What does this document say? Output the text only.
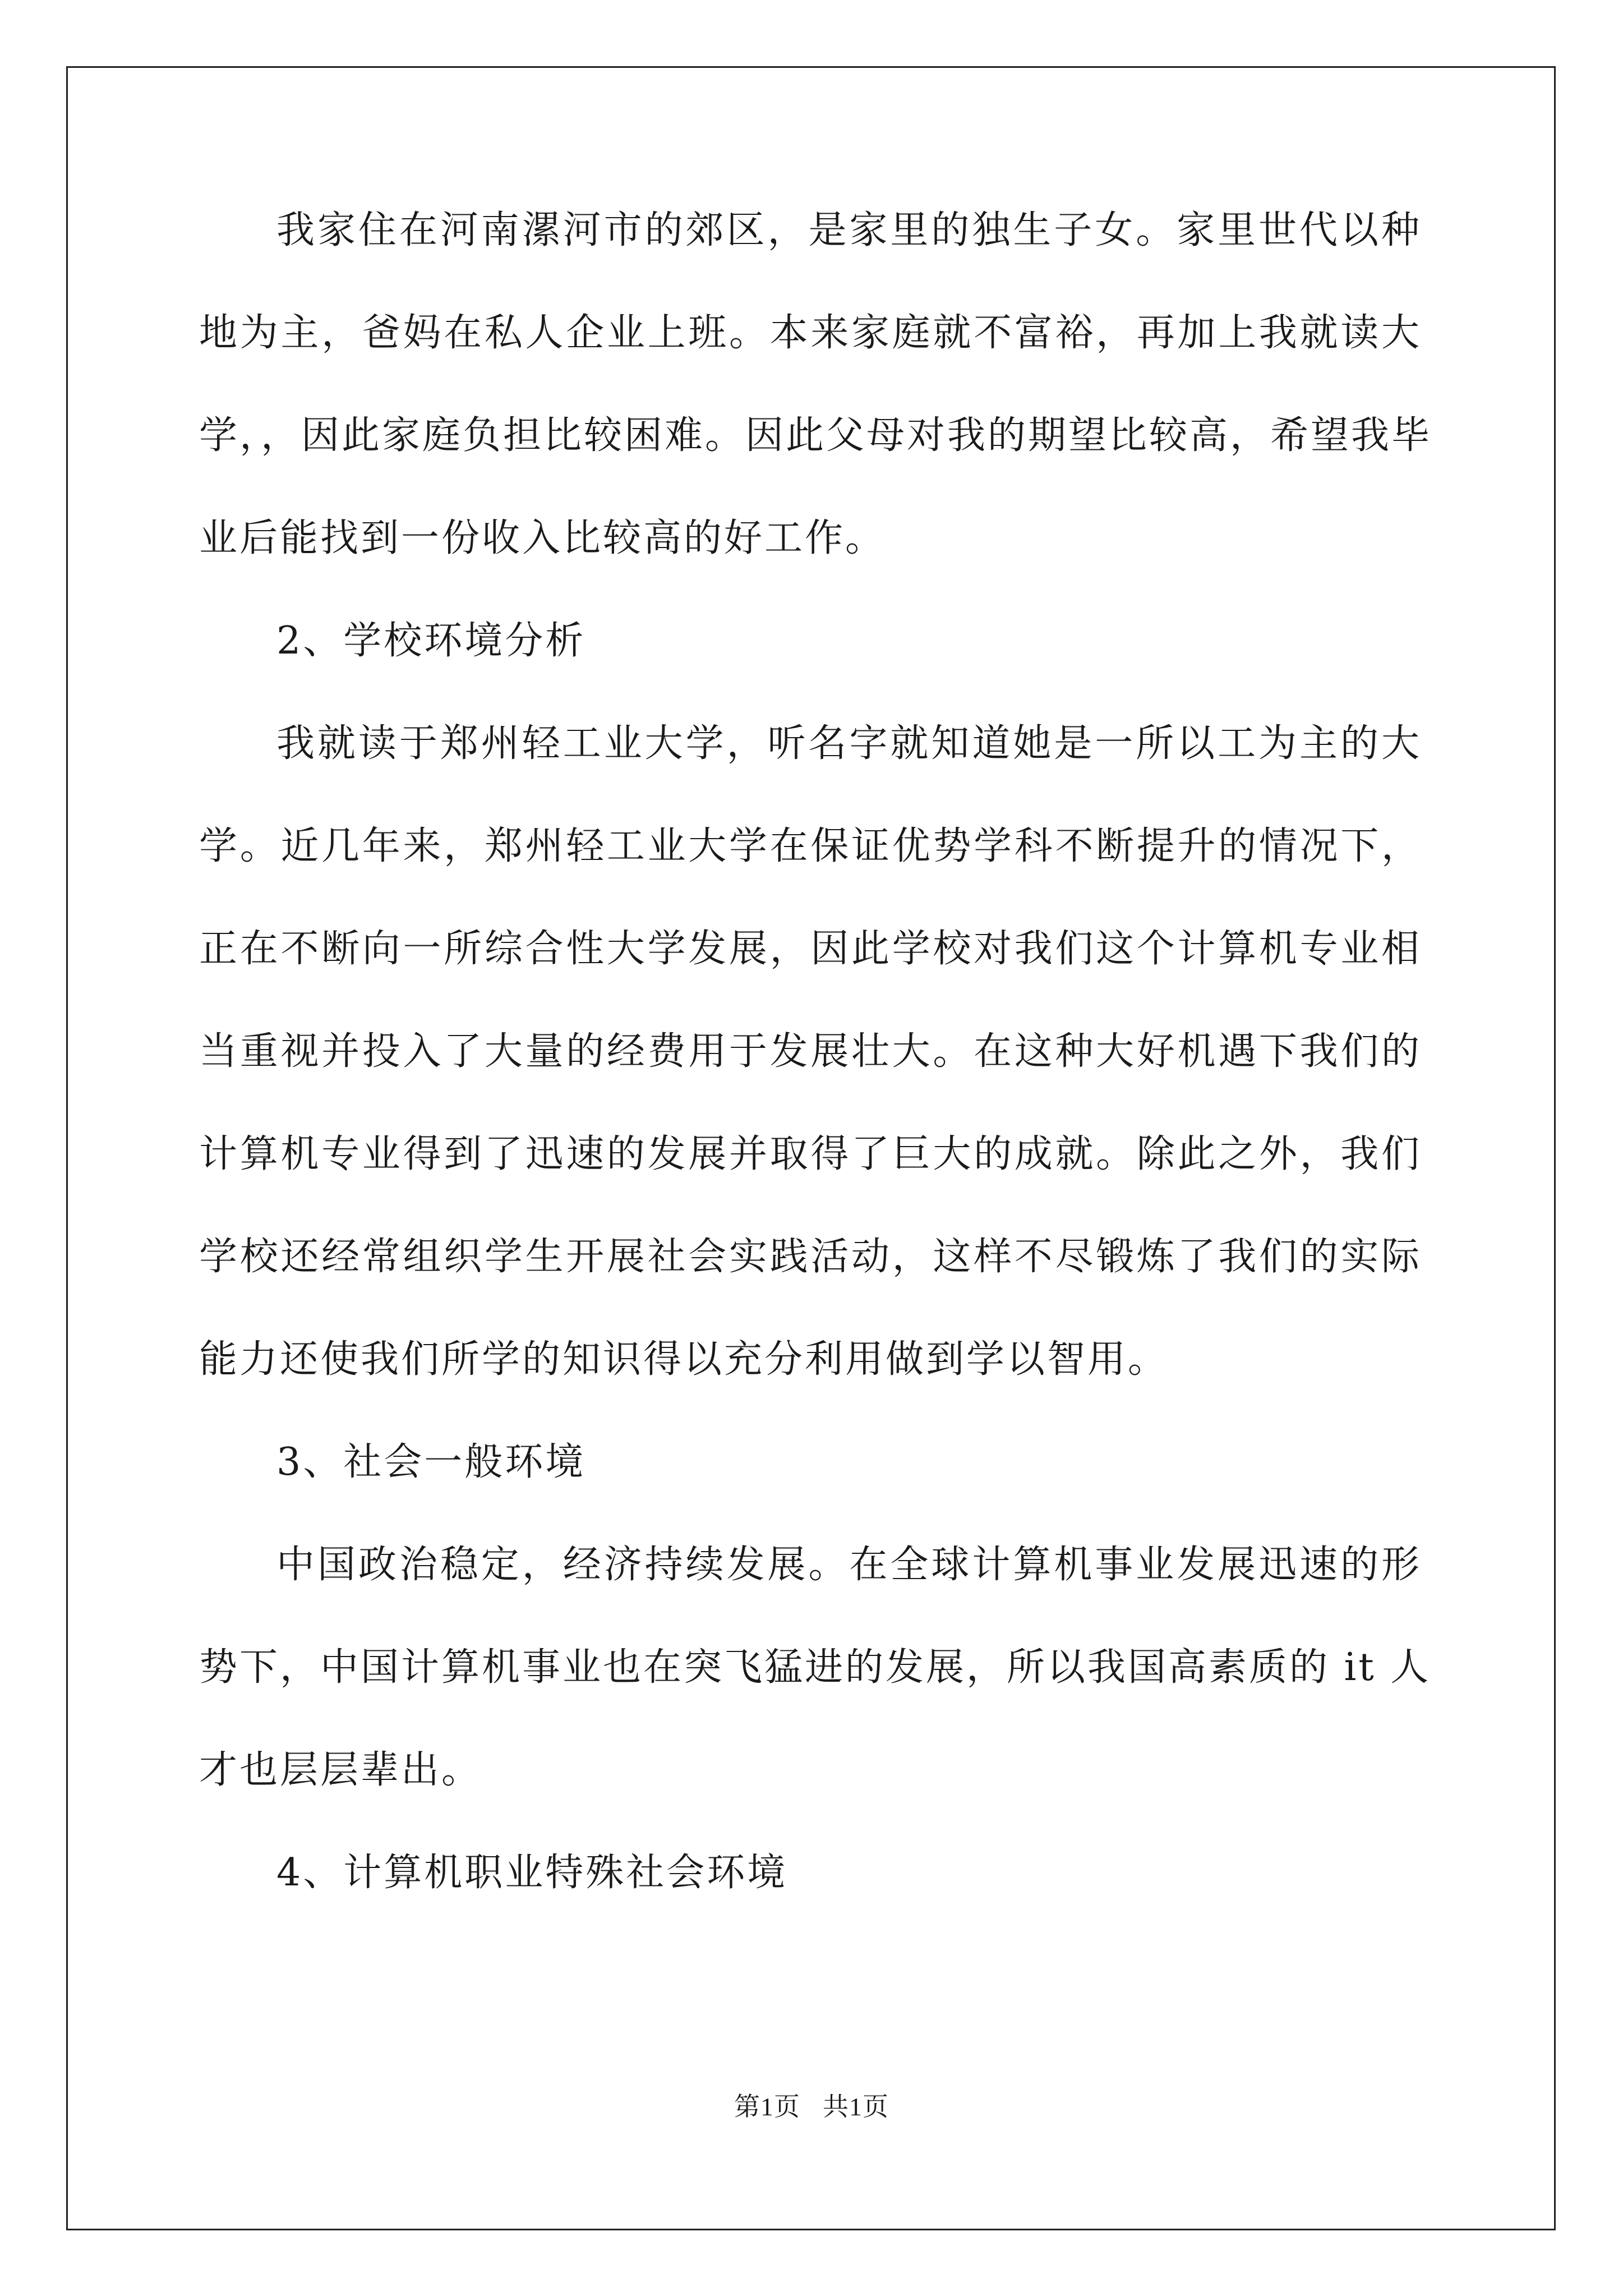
我家住在河南漯河市的郊区，是家里的独生子女。家里世代以种
地为主，爸妈在私人企业上班。本来家庭就不富裕，再加上我就读大
学，，因此家庭负担比较困难。因此父母对我的期望比较高，希望我毕
业后能找到一份收入比较高的好工作。
2、学校环境分析
我就读于郑州轻工业大学，听名字就知道她是一所以工为主的大
学。近几年来，郑州轻工业大学在保证优势学科不断提升的情况下，
正在不断向一所综合性大学发展，因此学校对我们这个计算机专业相
当重视并投入了大量的经费用于发展壮大。在这种大好机遇下我们的
计算机专业得到了迅速的发展并取得了巨大的成就。除此之外，我们
学校还经常组织学生开展社会实践活动，这样不尽锻炼了我们的实际
能力还使我们所学的知识得以充分利用做到学以智用。
3、社会一般环境
中国政治稳定，经济持续发展。在全球计算机事业发展迅速的形
势下，中国计算机事业也在突飞猛进的发展，所以我国高素质的 it 人
才也层层辈出。
4、计算机职业特殊社会环境
第1页 共1页
